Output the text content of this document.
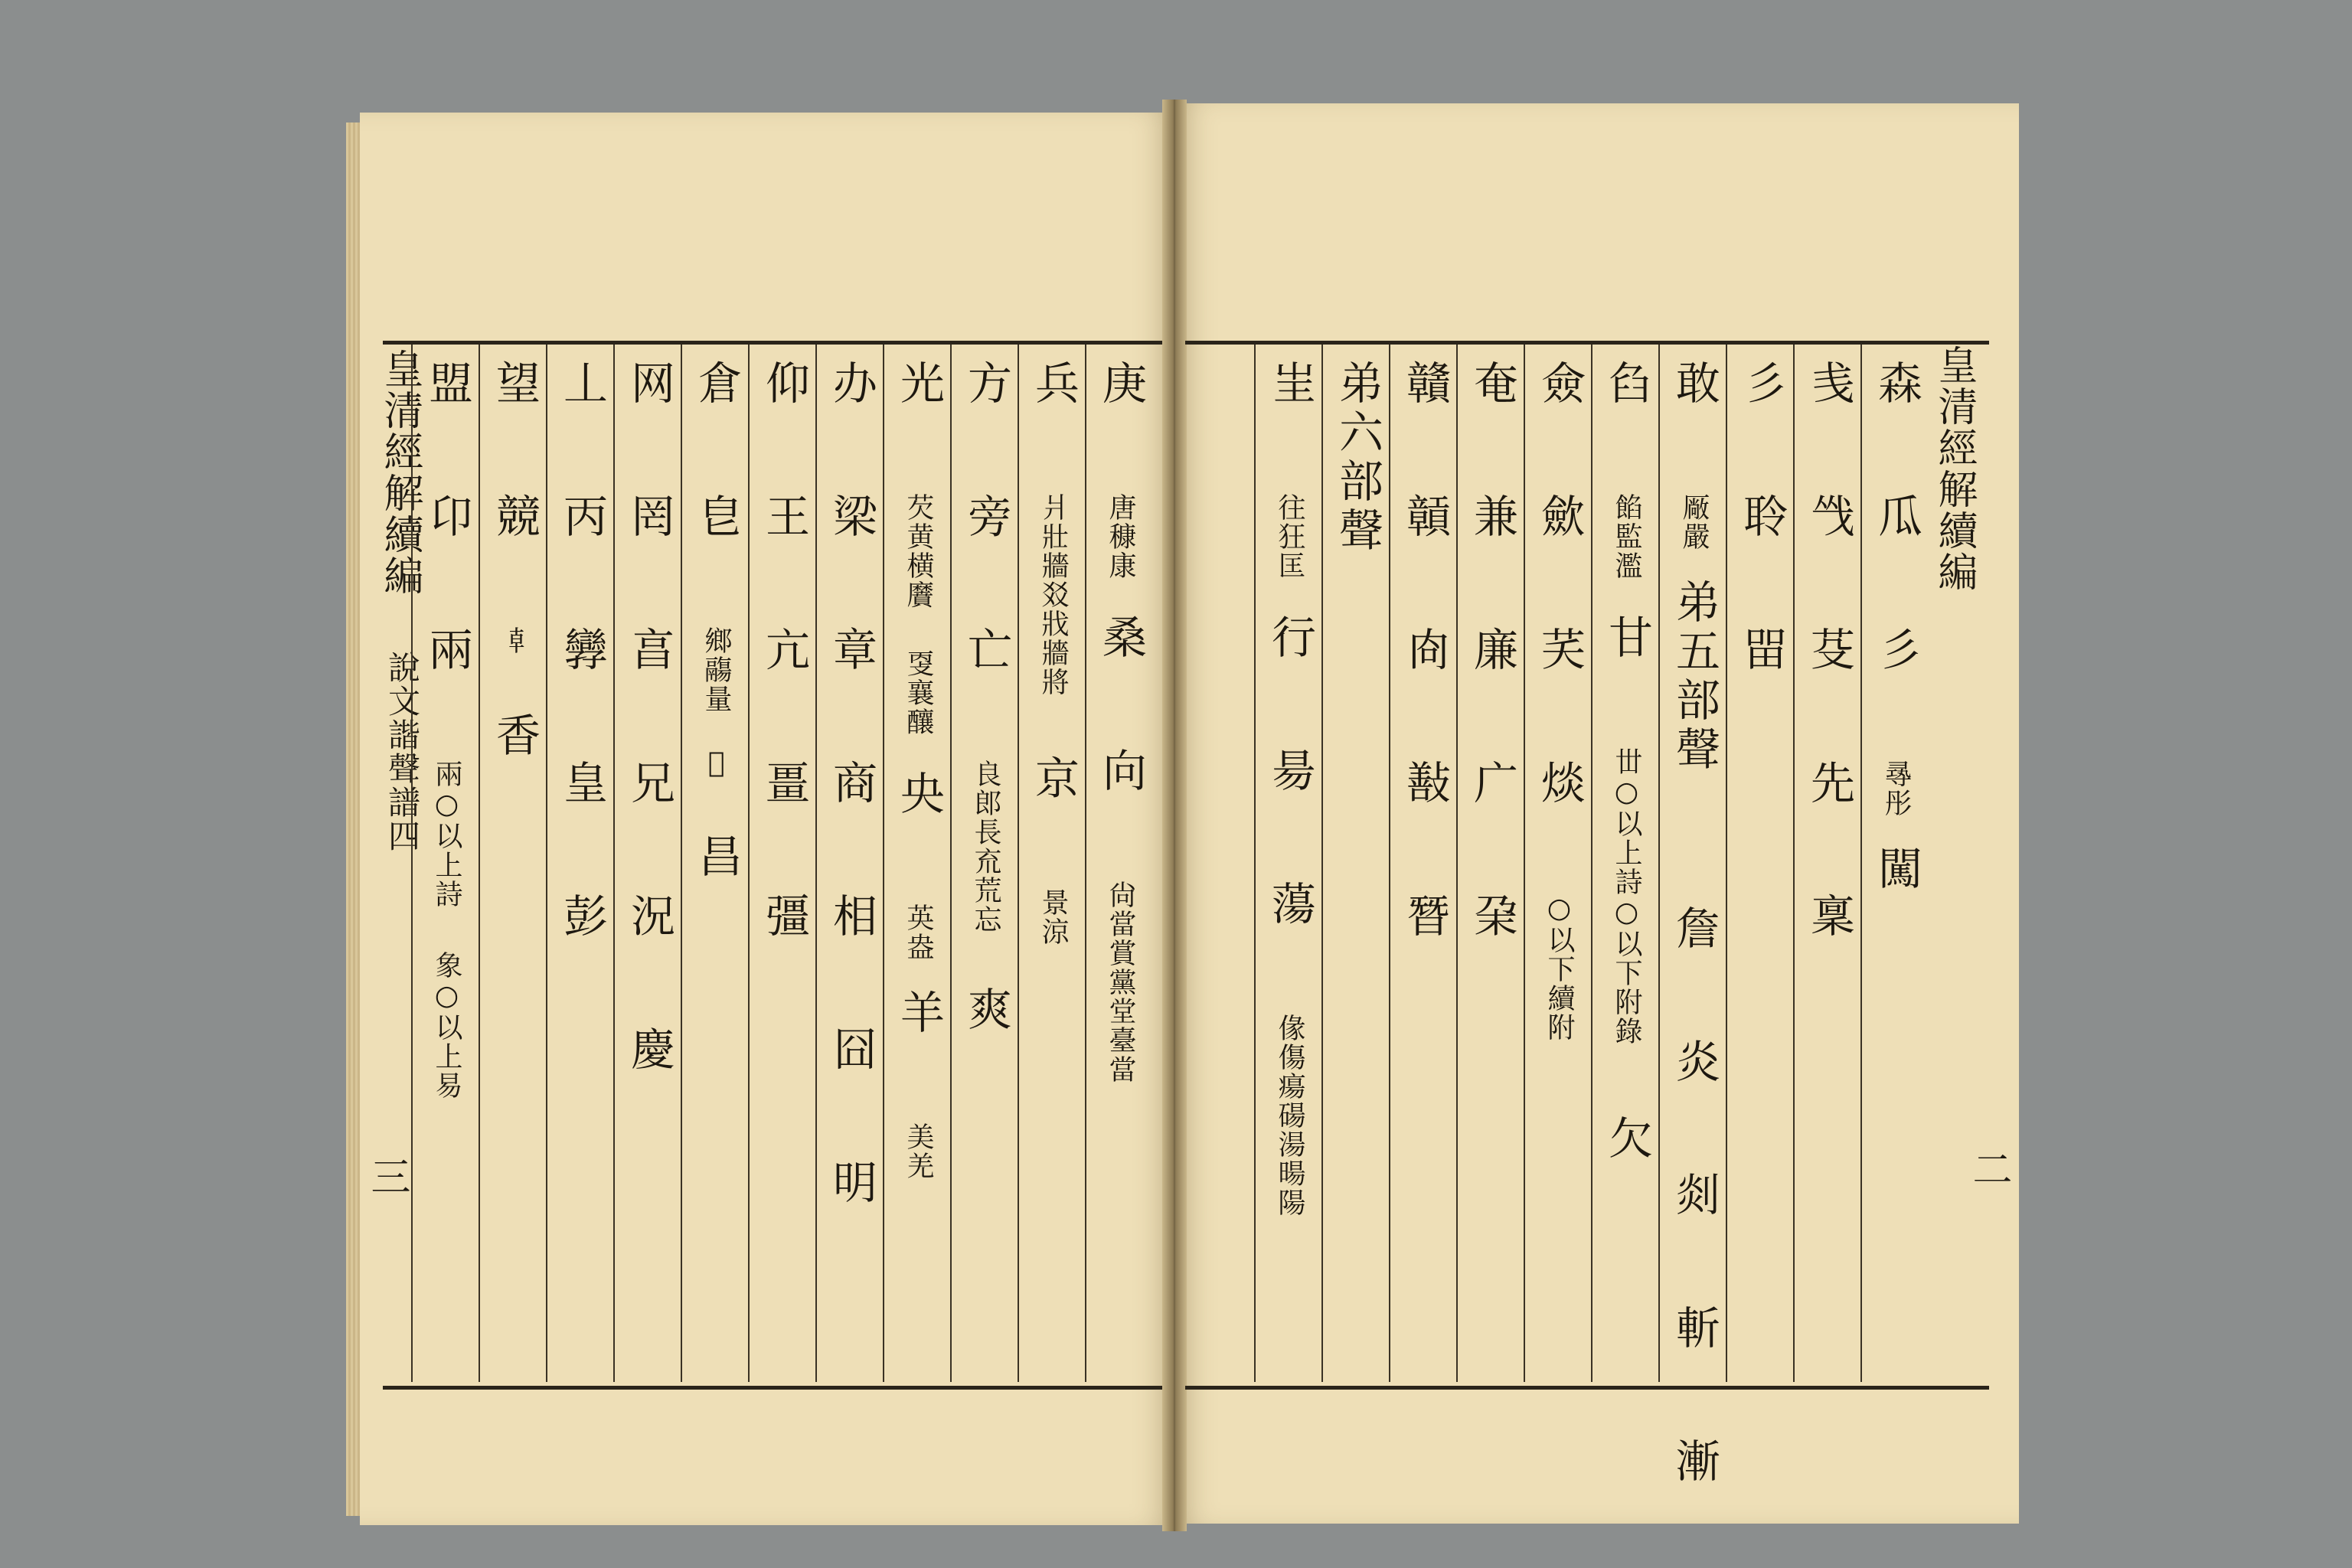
皇清經解續編
說文諧聲譜四
三
皇清經解續編
二
庚
唐穅康
桑
向
尙當賞黨堂臺當
兵
爿壯牆㸚戕牆將
京
景涼
方
旁
亡
良郎長㐬荒忘
爽
光
芡黄横黂
㪅襄釀
央
英盎
羊
美羌
办
梁
章
商
相
囧
明
仰
王
亢
畺
彊
倉
皀
鄉鬺量
𧇊
昌
网
罔
亯
兄
況
慶
丄
丙
㝈
皇
彭
望
競
𠦝
香
盟
卬
兩
兩○以上詩
象○以上易
森
瓜
彡
㝷彤
闖
㦮
㦰
芟
先
稟
彡
聆
㽞
敢
厰嚴
弟五部聲
詹
炎
剡
斬
漸
臽
餡監濫
甘
丗○以上詩○以下附錄
欠
僉
歛
芺
㷋
○以下續附
奄
兼
廉
广
㭆
贛
贑
㕯
㪨
朁
弟六部聲
㞷
往狂匡
行
昜
蕩
㑰傷瘍碭湯暘陽
